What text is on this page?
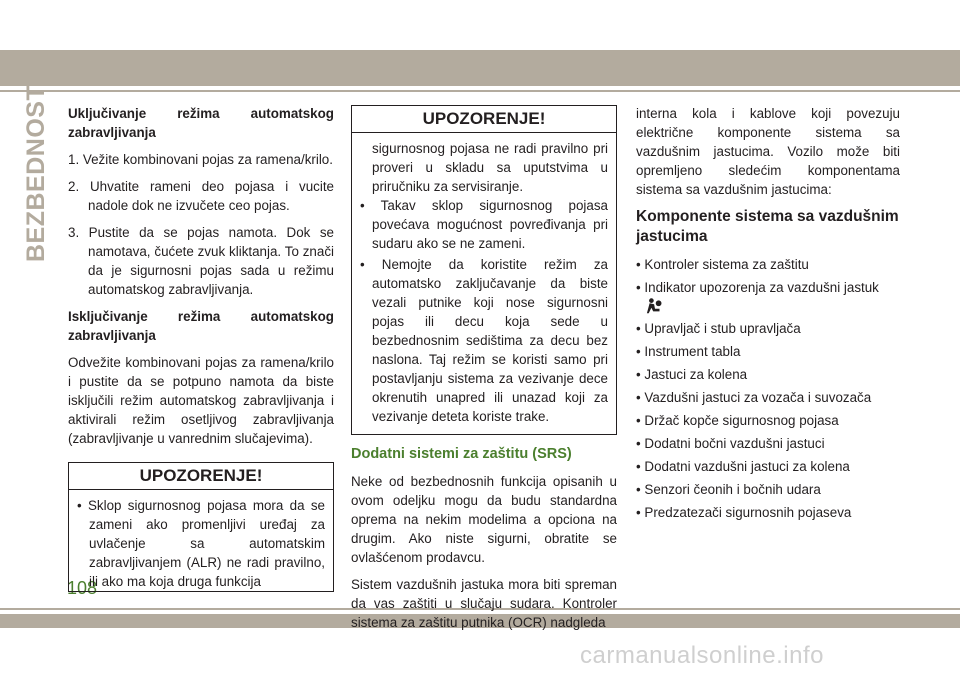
BEZBEDNOST
108

Uključivanje režima automatskog zabravljivanja

1. Vežite kombinovani pojas za ramena/krilo.
2. Uhvatite rameni deo pojasa i vucite nadole dok ne izvučete ceo pojas.
3. Pustite da se pojas namota. Dok se namotava, čućete zvuk kliktanja. To znači da je sigurnosni pojas sada u režimu automatskog zabravljivanja.

Isključivanje režima automatskog zabravljivanja

Odvežite kombinovani pojas za ramena/krilo i pustite da se potpuno namota da biste isključili režim automatskog zabravljivanja i aktivirali režim osetljivog zabravljivanja (zabravljivanje u vanrednim slučajevima).

UPOZORENJE!
• Sklop sigurnosnog pojasa mora da se zameni ako promenljivi uređaj za uvlačenje sa automatskim zabravljivanjem (ALR) ne radi pravilno, ili ako ma koja druga funkcija
UPOZORENJE!
sigurnosnog pojasa ne radi pravilno pri proveri u skladu sa uputstvima u priručniku za servisiranje.
• Takav sklop sigurnosnog pojasa povećava mogućnost povređivanja pri sudaru ako se ne zameni.
• Nemojte da koristite režim za automatsko zaključavanje da biste vezali putnike koji nose sigurnosni pojas ili decu koja sede u bezbednosnim sedištima za decu bez naslona. Taj režim se koristi samo pri postavljanju sistema za vezivanje dece okrenutih unapred ili unazad koji za vezivanje deteta koriste trake.
Dodatni sistemi za zaštitu (SRS)

Neke od bezbednosnih funkcija opisanih u ovom odeljku mogu da budu standardna oprema na nekim modelima a opciona na drugim. Ako niste sigurni, obratite se ovlašćenom prodavcu.

Sistem vazdušnih jastuka mora biti spreman da vas zaštiti u slučaju sudara. Kontroler sistema za zaštitu putnika (OCR) nadgleda

interna kola i kablove koji povezuju električne komponente sistema sa vazdušnim jastucima. Vozilo može biti opremljeno sledećim komponentama sistema sa vazdušnim jastucima:

Komponente sistema sa vazdušnim jastucima
• Kontroler sistema za zaštitu
• Indikator upozorenja za vazdušni jastuk
• Upravljač i stub upravljača
• Instrument tabla
• Jastuci za kolena
• Vazdušni jastuci za vozača i suvozača
• Držač kopče sigurnosnog pojasa
• Dodatni bočni vazdušni jastuci
• Dodatni vazdušni jastuci za kolena
• Senzori čeonih i bočnih udara
• Predzatezači sigurnosnih pojaseva
carmanualsonline.info
